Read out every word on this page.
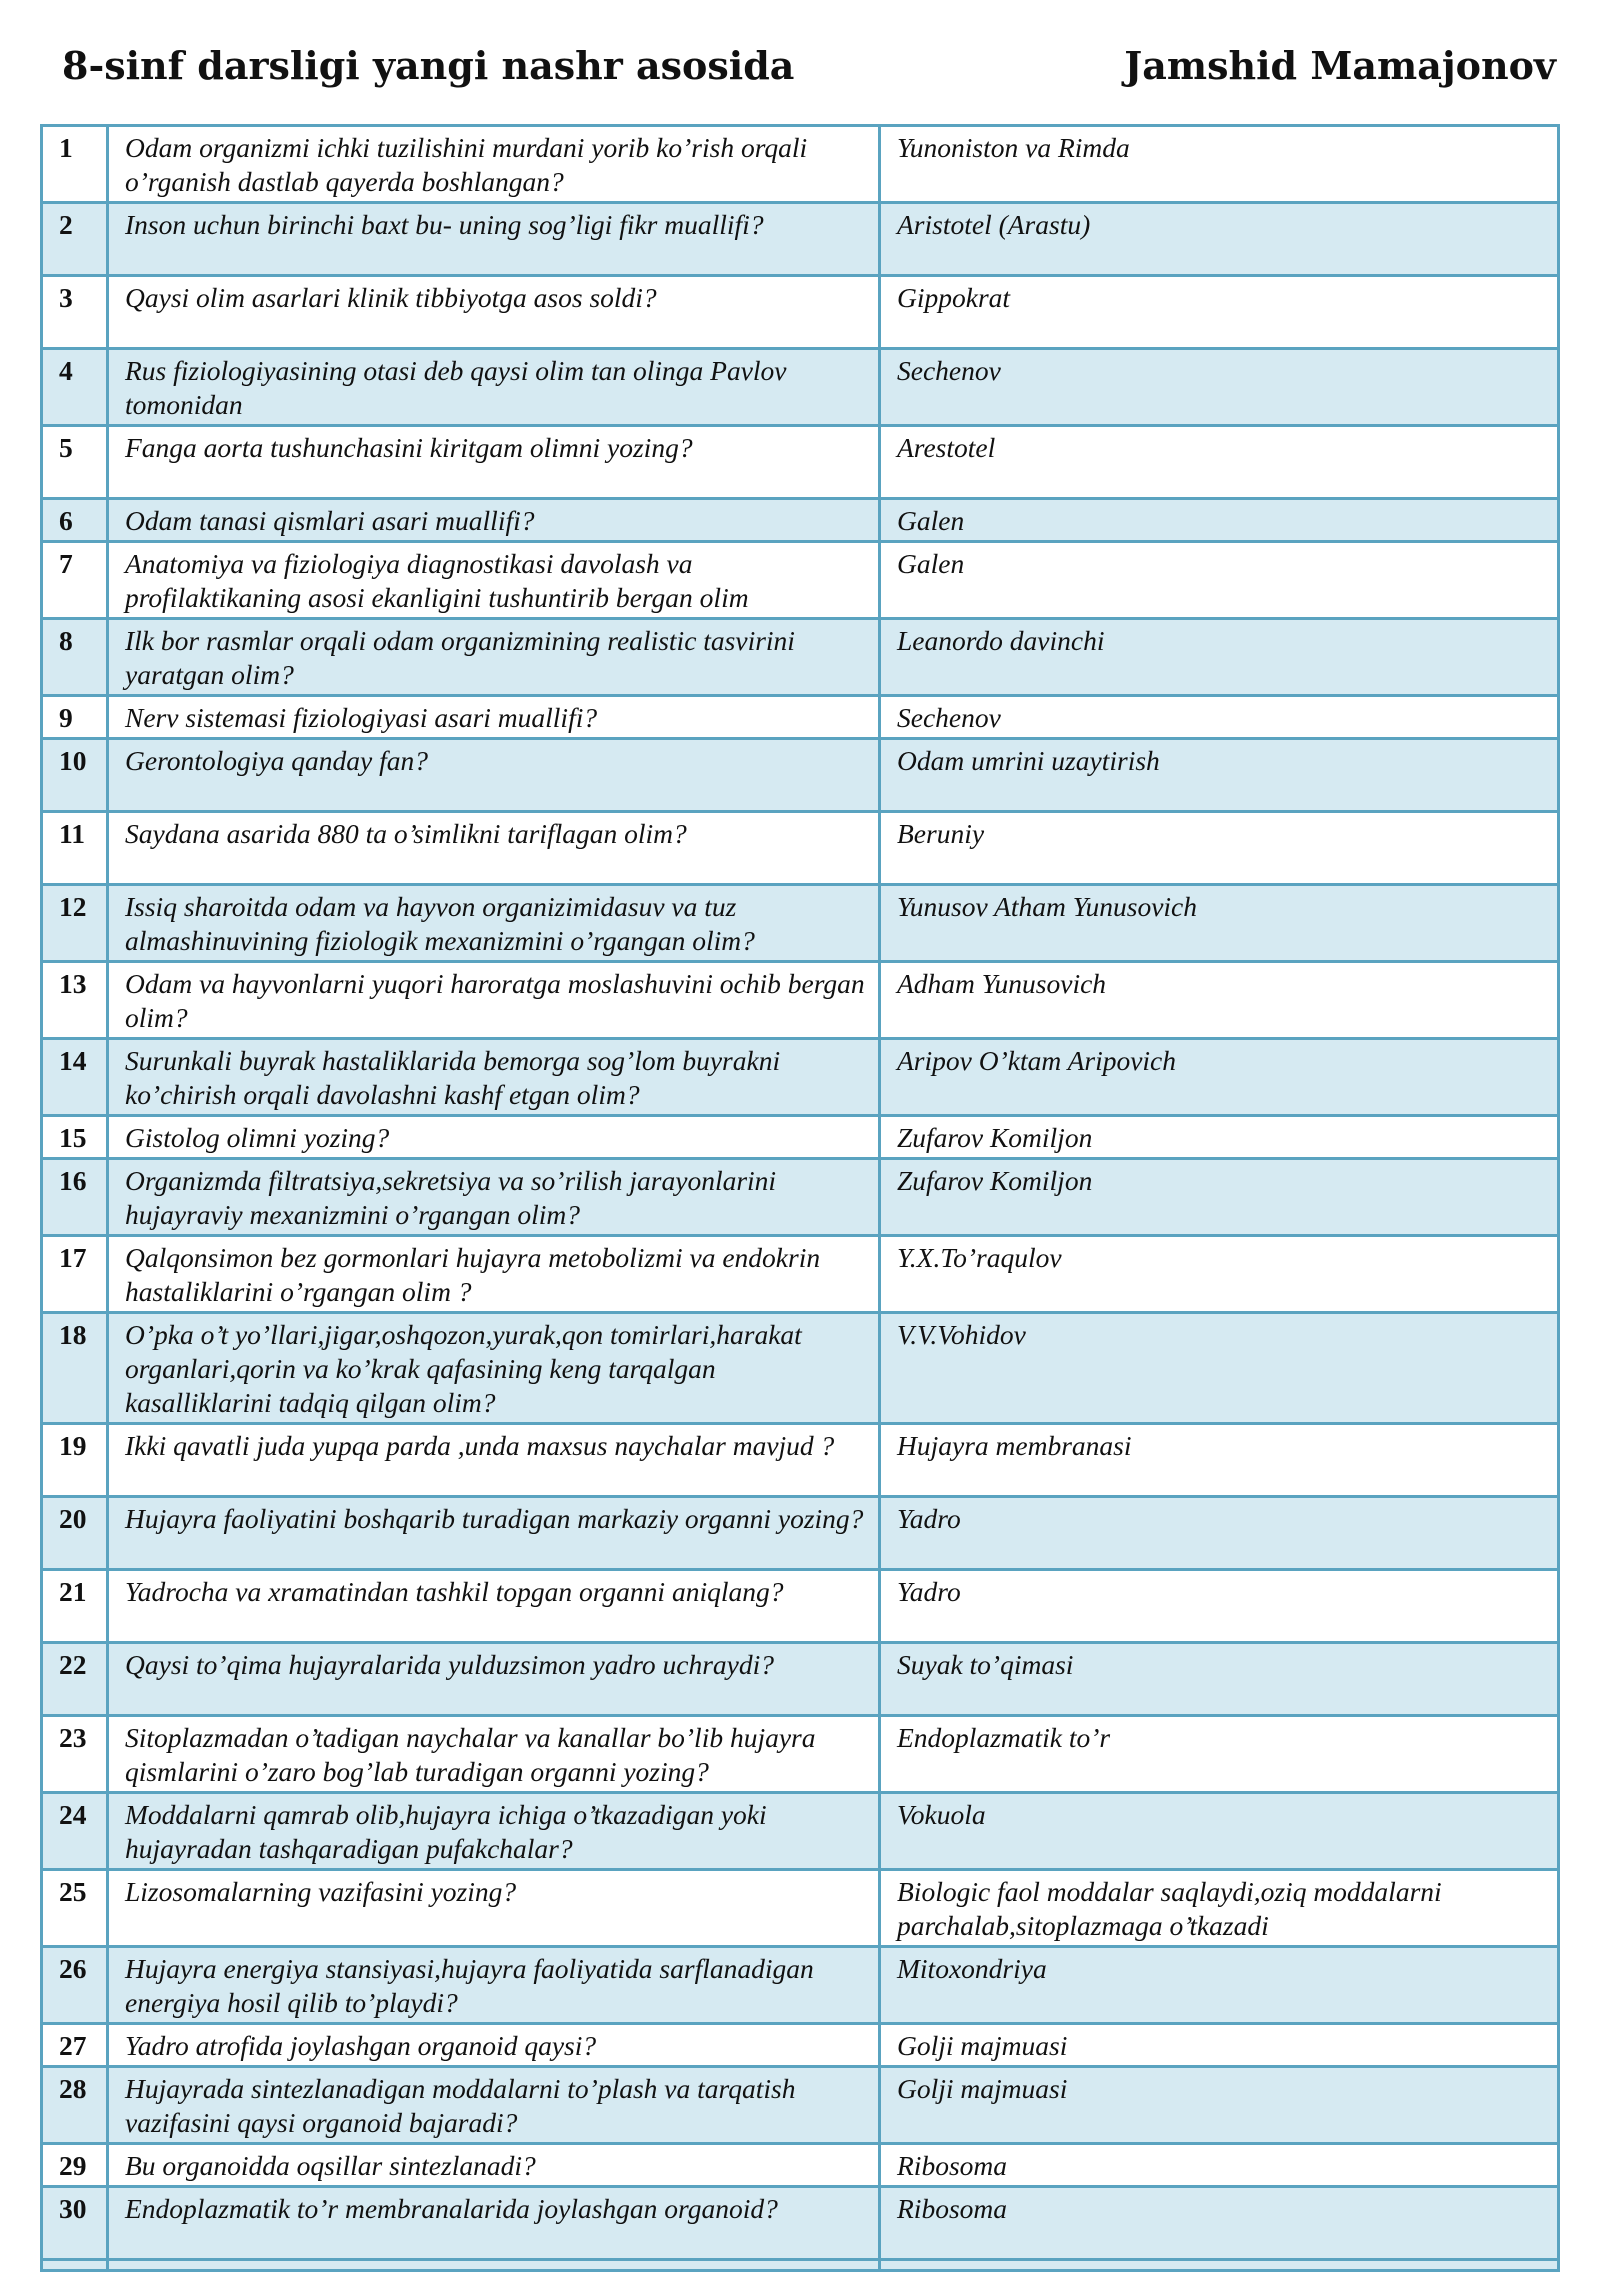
8-sinf darsligi yangi nashr asosida	Jamshid Mamajonov
1	Odam organizmi ichki tuzilishini murdani yorib ko’rish orqali o’rganish dastlab qayerda boshlangan?	Yunoniston va Rimda
2	Inson uchun birinchi baxt bu- uning sog’ligi fikr muallifi?	Aristotel (Arastu)
3	Qaysi olim asarlari klinik tibbiyotga asos soldi?	Gippokrat
4	Rus fiziologiyasining otasi deb qaysi olim tan olinga Pavlov tomonidan	Sechenov
5	Fanga aorta tushunchasini kiritgam olimni yozing?	Arestotel
6	Odam tanasi qismlari asari muallifi?	Galen
7	Anatomiya va fiziologiya diagnostikasi davolash va profilaktikaning asosi ekanligini tushuntirib bergan olim	Galen
8	Ilk bor rasmlar orqali odam organizmining realistic tasvirini yaratgan olim?	Leanordo davinchi
9	Nerv sistemasi fiziologiyasi asari muallifi?	Sechenov
10	Gerontologiya qanday fan?	Odam umrini uzaytirish
11	Saydana asarida 880 ta o’simlikni tariflagan olim?	Beruniy
12	Issiq sharoitda odam va hayvon organizimidasuv va tuz almashinuvining fiziologik mexanizmini o’rgangan olim?	Yunusov Atham Yunusovich
13	Odam va hayvonlarni yuqori haroratga moslashuvini ochib bergan olim?	Adham Yunusovich
14	Surunkali buyrak hastaliklarida bemorga sog’lom buyrakni ko’chirish orqali davolashni kashf etgan olim?	Aripov O’ktam Aripovich
15	Gistolog olimni yozing?	Zufarov Komiljon
16	Organizmda filtratsiya,sekretsiya va so’rilish jarayonlarini hujayraviy mexanizmini o’rgangan olim?	Zufarov Komiljon
17	Qalqonsimon bez gormonlari hujayra metobolizmi va endokrin hastaliklarini o’rgangan olim ?	Y.X.To’raqulov
18	O’pka o’t yo’llari,jigar,oshqozon,yurak,qon tomirlari,harakat organlari,qorin va ko’krak qafasining keng tarqalgan kasalliklarini tadqiq qilgan olim?	V.V.Vohidov
19	Ikki qavatli juda yupqa parda ,unda maxsus naychalar mavjud ?	Hujayra membranasi
20	Hujayra faoliyatini boshqarib turadigan markaziy organni yozing?	Yadro
21	Yadrocha va xramatindan tashkil topgan organni aniqlang?	Yadro
22	Qaysi to’qima hujayralarida yulduzsimon yadro uchraydi?	Suyak to’qimasi
23	Sitoplazmadan o’tadigan naychalar va kanallar bo’lib hujayra qismlarini o’zaro bog’lab turadigan organni yozing?	Endoplazmatik to’r
24	Moddalarni qamrab olib,hujayra ichiga o’tkazadigan yoki hujayradan tashqaradigan pufakchalar?	Vokuola
25	Lizosomalarning vazifasini yozing?	Biologic faol moddalar saqlaydi,oziq moddalarni parchalab,sitoplazmaga o’tkazadi
26	Hujayra energiya stansiyasi,hujayra faoliyatida sarflanadigan energiya hosil qilib to’playdi?	Mitoxondriya
27	Yadro atrofida joylashgan organoid qaysi?	Golji majmuasi
28	Hujayrada sintezlanadigan moddalarni to’plash va tarqatish vazifasini qaysi organoid bajaradi?	Golji majmuasi
29	Bu organoidda oqsillar sintezlanadi?	Ribosoma
30	Endoplazmatik to’r membranalarida joylashgan organoid?	Ribosoma
